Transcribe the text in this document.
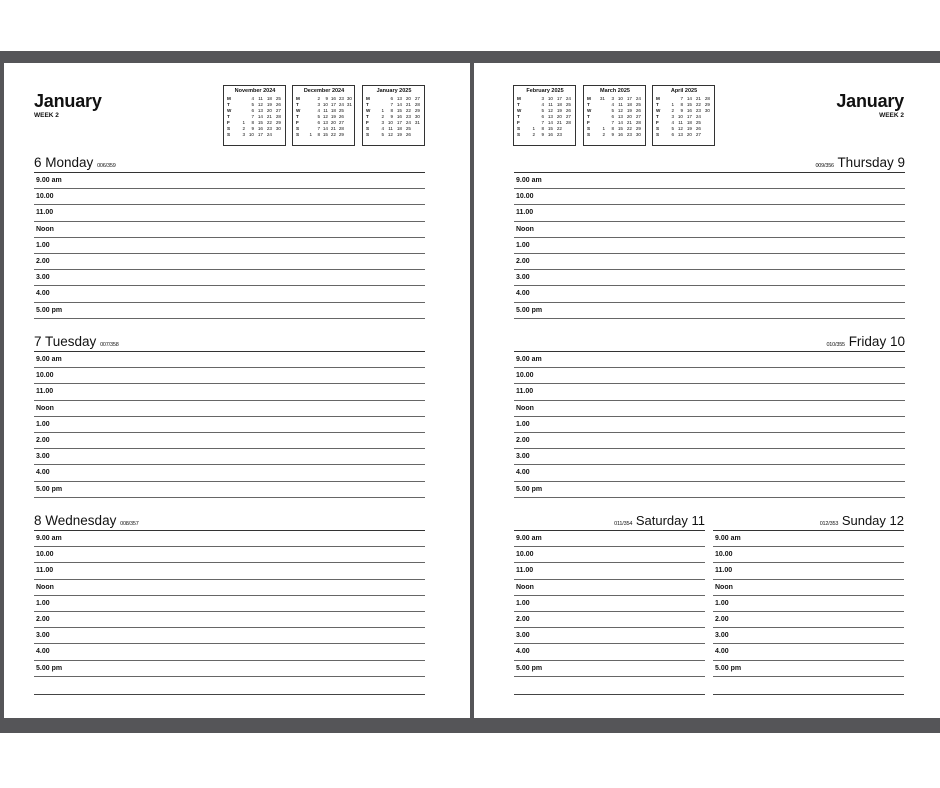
January
WEEK 2
November 2024
M
T
W
T
F
S
S

1
2
3
4
5
6
7
8
9
10
11
12
13
14
15
16
17
18
19
20
21
22
23
24
25
26
27
28
29
30

December 2024
M
T
W
T
F
S
S

	1
2
3
4
5
6
7
8
9
10
11
12
13
14
15
16
17
18
19
20
21
22
23
24
25
26
27
28
29
30
31

January 2025
M
T
W
T
F
S
S

1
2
3
4
5
6
7
8
9
10
11
12
13
14
15
16
17
18
19
20
21
22
23
24
25
26
27
28
29
30
31

6 Monday 006/359
9.00 am
10.00
11.00
Noon
1.00
2.00
3.00
4.00
5.00 pm
7 Tuesday 007/358
9.00 am
10.00
11.00
Noon
1.00
2.00
3.00
4.00
5.00 pm
8 Wednesday 008/357
9.00 am
10.00
11.00
Noon
1.00
2.00
3.00
4.00
5.00 pm
January
WEEK 2
February 2025
M
T
W
T
F
S
S

1
2
3
4
5
6
7
8
9
10
11
12
13
14
15
16
17
18
19
20
21
22
23
24
25
26
27
28

March 2025
M
T
W
T
F
S
S
31

1
2
3
4
5
6
7
8
9
10
11
12
13
14
15
16
17
18
19
20
21
22
23
24
25
26
27
28
29
30
April 2025
M
T
W
T
F
S
S

1
2
3
4
5
6
7
8
9
10
11
12
13
14
15
16
17
18
19
20
21
22
23
24
25
26
27
28
29
30

009/356 Thursday 9
9.00 am
10.00
11.00
Noon
1.00
2.00
3.00
4.00
5.00 pm
010/355 Friday 10
9.00 am
10.00
11.00
Noon
1.00
2.00
3.00
4.00
5.00 pm
011/354 Saturday 11
9.00 am
10.00
11.00
Noon
1.00
2.00
3.00
4.00
5.00 pm
012/353 Sunday 12
9.00 am
10.00
11.00
Noon
1.00
2.00
3.00
4.00
5.00 pm
